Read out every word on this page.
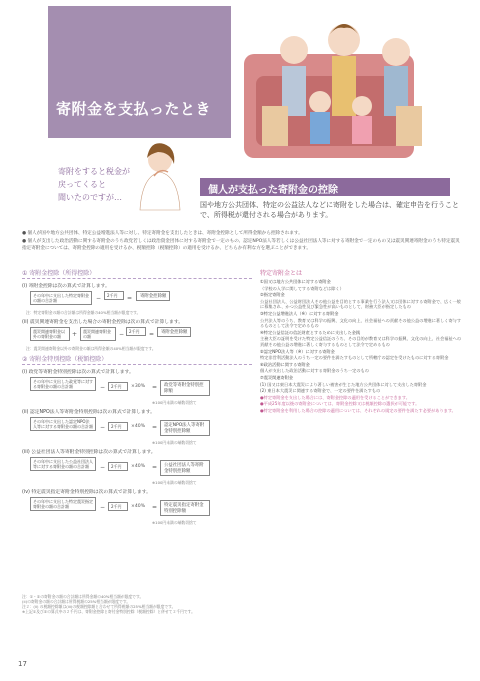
寄附金を支払ったとき
寄附をすると税金が
戻ってくると
聞いたのですが…
個人が支払った寄附金の控除
国や地方公共団体、特定の公益法人などに寄附をした場合は、確定申告を行うことで、所得税が還付される場合があります。

● 個人が国や地方公共団体、特定公益増進法人等に対し、特定寄附金を支出したときは、寄附金控除として所得金額から控除されます。

● 個人が支出した政治活動に関する寄附金のうち政党若しくは政治資金団体に対する寄附金で一定のもの、認定NPO法人等若しくは公益社団法人等に対する寄附金で一定のもの又は震災関連寄附金のうち特定震災指定寄附金については、寄附金控除の適用を受けるか、税額控除（税額控除）の適用を受けるか、どちらか有利な方を選ぶことができます。

① 寄附金控除（所得控除）
(i) 寄附金控除は次の算式で計算します。
その年中に支出した特定寄附金の額の合計額	−	2千円	=	寄附金控除額
注：特定寄附金の額の合計額は所得金額の40%相当額が限度です。
(ii) 震災関連寄附金を支出した場合の寄附金控除は次の算式で計算します。
震災関連寄附金以外の寄附金の額	+	震災関連寄附金の額	−	2千円	=	寄附金控除額
注：震災関連寄附金以外の寄附金の額は所得金額の40%相当額が限度です。
② 寄附金特別控除（税額控除）
(i) 政党等寄附金特別控除は次の算式で計算します。
その年中に支出した政党等に対する寄附金の額の合計額	−	2千円	×30% =	政党等寄附金特別控除額
※100円未満の端数切捨て
(ii) 認定NPO法人等寄附金特別控除は次の算式で計算します。
その年中に支出した認定NPO法人等に対する寄附金の額の合計額	−	2千円	×40% =	認定NPO法人等寄附金特別控除額
※100円未満の端数切捨て
(iii) 公益社団法人等寄附金特別控除は次の算式で計算します。
その年中に支出した公益社団法人等に対する寄附金の額の合計額	−	2千円	×40% =	公益社団法人等寄附金特別控除額
※100円未満の端数切捨て
(iv) 特定震災指定寄附金特別控除は次の算式で計算します。
その年中に支出した特定震災指定寄附金の額の合計額	−	2千円	×40% =	特定震災指定寄附金特別控除額
※100円未満の端数切捨て
注：①・②の寄附金の額の合計額は所得金額の40%相当額が限度です。
(ii)の寄附金の額の合計額は所得税額の25%相当額が限度です。
注２：(ii) の税額控除額は(iii)の税額控除額と合わせて所得税額の25%相当額が限度です。
※上記①及び②の算式中の２千円は、寄附金控除と寄付金特別控除（税額控除）と併せて２千円です。
特定寄附金とは
①国又は地方公共団体に対する寄附金
（学校の入学に関してする寄附などは除く）
②指定寄附金
公益社団法人、公益財団法人その他公益を目的とする事業を行う法人又は団体に対する寄附金で、広く一般に募集され、かつ公益性及び緊急性が高いものとして、財務大臣が指定したもの
③特定公益増進法人（※）に対する寄附金
公共法人等のうち、教育又は科学の振興、文化の向上、社会福祉への貢献その他公益の増進に著しく寄与するものとして法令で定めるもの
④特定公益信託の信託財産とするために支出した金銭
主務大臣の証明を受けた特定公益信託のうち、その目的が教育又は科学の振興、文化の向上、社会福祉への貢献その他公益の増進に著しく寄与するものとして法令で定めるもの
⑤認定NPO法人等（※）に対する寄附金
特定非営利活動法人のうち一定の要件を満たすものとして所轄庁の認定を受けたものに対する寄附金
⑥政治活動に関する寄附金
個人が支出した政治活動に対する寄附金のうち一定のもの
⑦震災関連寄附金
(1) 国又は東日本大震災により著しい被害が生じた地方公共団体に対して支出した寄附金
(2) 東日本大震災に関連する寄附金で、一定の要件を満たすもの
●特定寄附金を支出した場合には、寄附金控除の適用を受けることができます。
●平成25年度以後の寄附金については、寄附金控除又は税額控除の選択が可能です。
●特定寄附金を利用した場合の控除の適用については、それぞれの規定の要件を満たす必要があります。
17
